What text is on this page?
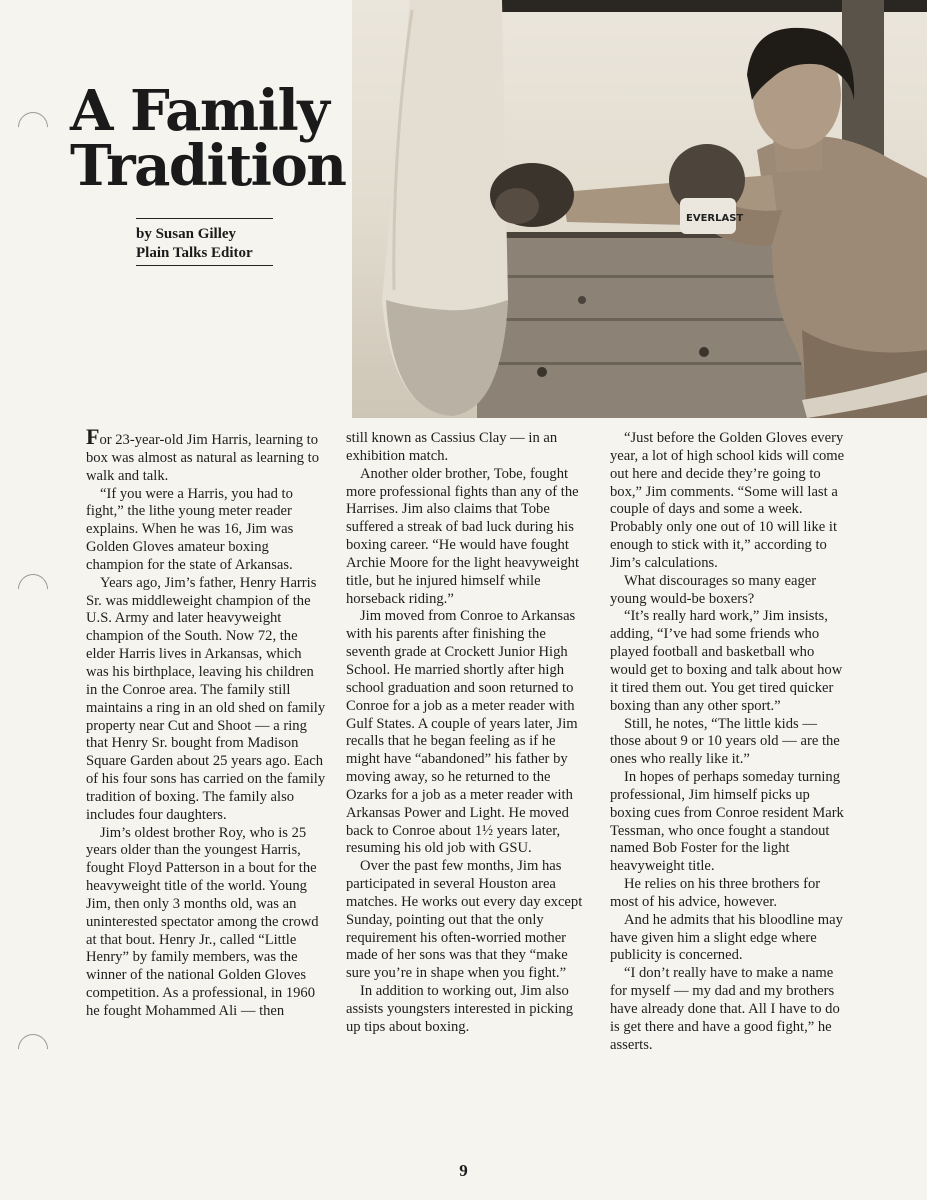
A Family
Tradition
by Susan Gilley
Plain Talks Editor
EVERLAST

For 23-year-old Jim Harris, learning to box was almost as natural as learning to walk and talk.

“If you were a Harris, you had to fight,” the lithe young meter reader explains. When he was 16, Jim was Golden Gloves amateur boxing champion for the state of Arkansas.

Years ago, Jim’s father, Henry Harris Sr. was middleweight champion of the U.S. Army and later heavyweight champion of the South. Now 72, the elder Harris lives in Arkansas, which was his birthplace, leaving his children in the Conroe area. The family still maintains a ring in an old shed on family property near Cut and Shoot — a ring that Henry Sr. bought from Madison Square Garden about 25 years ago. Each of his four sons has carried on the family tradition of boxing. The family also includes four daughters.

Jim’s oldest brother Roy, who is 25 years older than the youngest Harris, fought Floyd Patterson in a bout for the heavyweight title of the world. Young Jim, then only 3 months old, was an uninterested spectator among the crowd at that bout. Henry Jr., called “Little Henry” by family members, was the winner of the national Golden Gloves competition. As a professional, in 1960 he fought Mohammed Ali — then

still known as Cassius Clay — in an exhibition match.

Another older brother, Tobe, fought more professional fights than any of the Harrises. Jim also claims that Tobe suffered a streak of bad luck during his boxing career. “He would have fought Archie Moore for the light heavyweight title, but he injured himself while horseback riding.”

Jim moved from Conroe to Arkansas with his parents after finishing the seventh grade at Crockett Junior High School. He married shortly after high school graduation and soon returned to Conroe for a job as a meter reader with Gulf States. A couple of years later, Jim recalls that he began feeling as if he might have “abandoned” his father by moving away, so he returned to the Ozarks for a job as a meter reader with Arkansas Power and Light. He moved back to Conroe about 1½ years later, resuming his old job with GSU.

Over the past few months, Jim has participated in several Houston area matches. He works out every day except Sunday, pointing out that the only requirement his often-worried mother made of her sons was that they “make sure you’re in shape when you fight.”

In addition to working out, Jim also assists youngsters interested in picking up tips about boxing.

“Just before the Golden Gloves every year, a lot of high school kids will come out here and decide they’re going to box,” Jim comments. “Some will last a couple of days and some a week. Probably only one out of 10 will like it enough to stick with it,” according to Jim’s calculations.

What discourages so many eager young would-be boxers?

“It’s really hard work,” Jim insists, adding, “I’ve had some friends who played football and basketball who would get to boxing and talk about how it tired them out. You get tired quicker boxing than any other sport.”

Still, he notes, “The little kids — those about 9 or 10 years old — are the ones who really like it.”

In hopes of perhaps someday turning professional, Jim himself picks up boxing cues from Conroe resident Mark Tessman, who once fought a standout named Bob Foster for the light heavyweight title.

He relies on his three brothers for most of his advice, however.

And he admits that his bloodline may have given him a slight edge where publicity is concerned.

“I don’t really have to make a name for myself — my dad and my brothers have already done that. All I have to do is get there and have a good fight,” he asserts.

9
